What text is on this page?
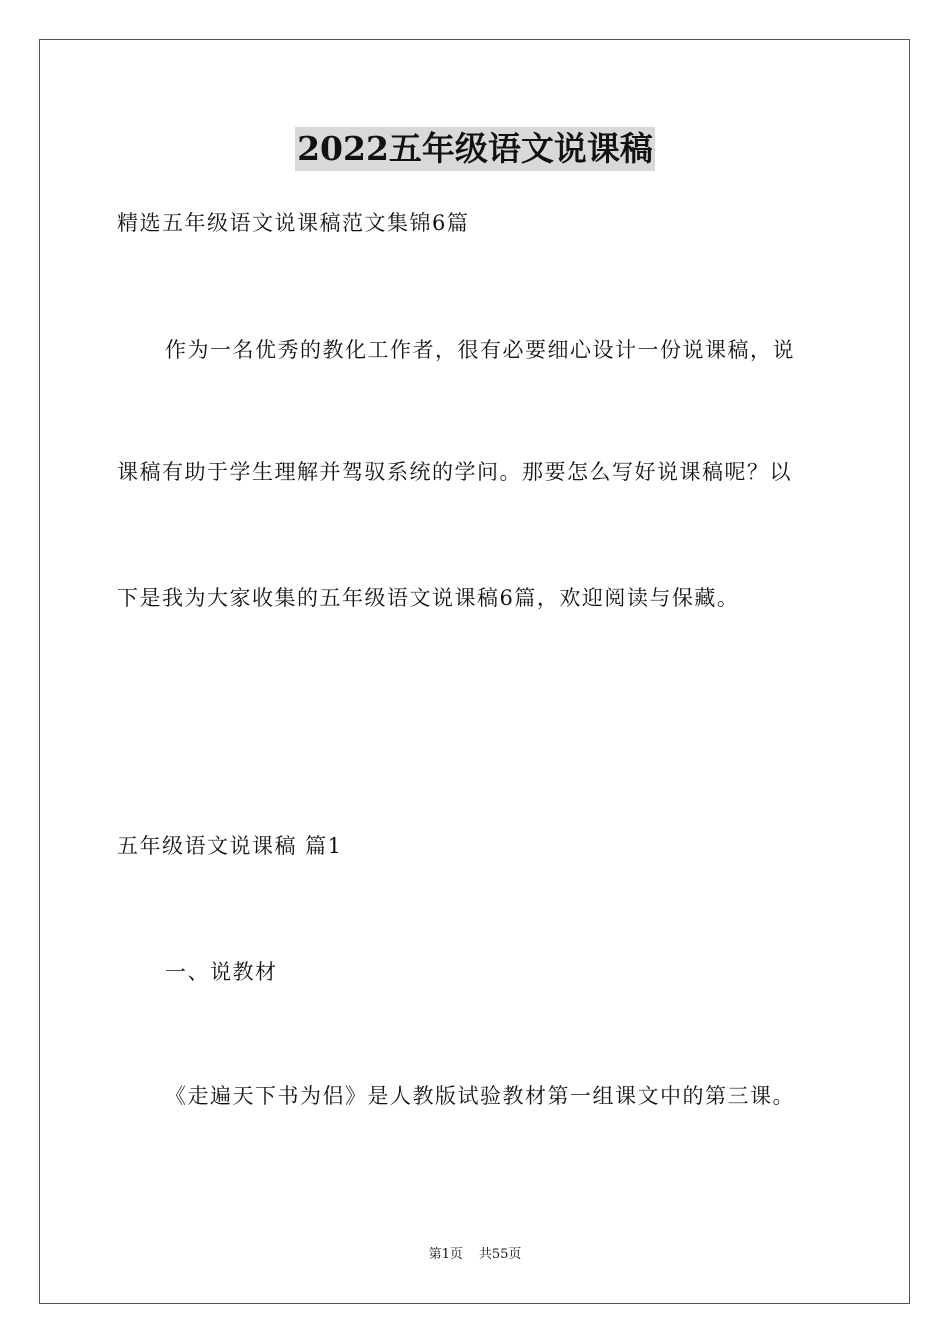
2022五年级语文说课稿
精选五年级语文说课稿范文集锦6篇
作为一名优秀的教化工作者，很有必要细心设计一份说课稿，说
课稿有助于学生理解并驾驭系统的学问。那要怎么写好说课稿呢？以
下是我为大家收集的五年级语文说课稿6篇，欢迎阅读与保藏。
五年级语文说课稿 篇1
一、说教材
《走遍天下书为侣》是人教版试验教材第一组课文中的第三课。
第1页 共55页
